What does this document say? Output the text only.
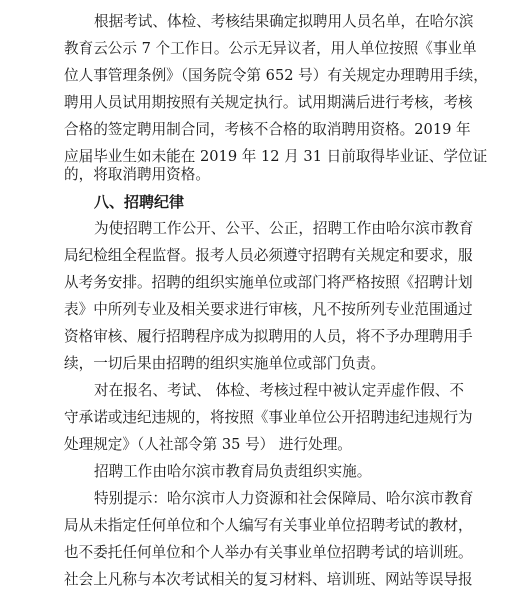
根据考试、体检、考核结果确定拟聘用人员名单，在哈尔滨
教育云公示 7 个工作日。公示无异议者，用人单位按照《事业单
位人事管理条例》（国务院令第 652 号）有关规定办理聘用手续，
聘用人员试用期按照有关规定执行。试用期满后进行考核，考核
合格的签定聘用制合同，考核不合格的取消聘用资格。2019 年
应届毕业生如未能在 2019 年 12 月 31 日前取得毕业证、学位证
的，将取消聘用资格。
八、招聘纪律
为使招聘工作公开、公平、公正，招聘工作由哈尔滨市教育
局纪检组全程监督。报考人员必须遵守招聘有关规定和要求，服
从考务安排。招聘的组织实施单位或部门将严格按照《招聘计划
表》中所列专业及相关要求进行审核，凡不按所列专业范围通过
资格审核、履行招聘程序成为拟聘用的人员，将不予办理聘用手
续，一切后果由招聘的组织实施单位或部门负责。
对在报名、考试、 体检、考核过程中被认定弄虚作假、不
守承诺或违纪违规的，将按照《事业单位公开招聘违纪违规行为
处理规定》（人社部令第 35 号） 进行处理。
招聘工作由哈尔滨市教育局负责组织实施。
特别提示：哈尔滨市人力资源和社会保障局、哈尔滨市教育
局从未指定任何单位和个人编写有关事业单位招聘考试的教材，
也不委托任何单位和个人举办有关事业单位招聘考试的培训班。
社会上凡称与本次考试相关的复习材料、培训班、网站等误导报
